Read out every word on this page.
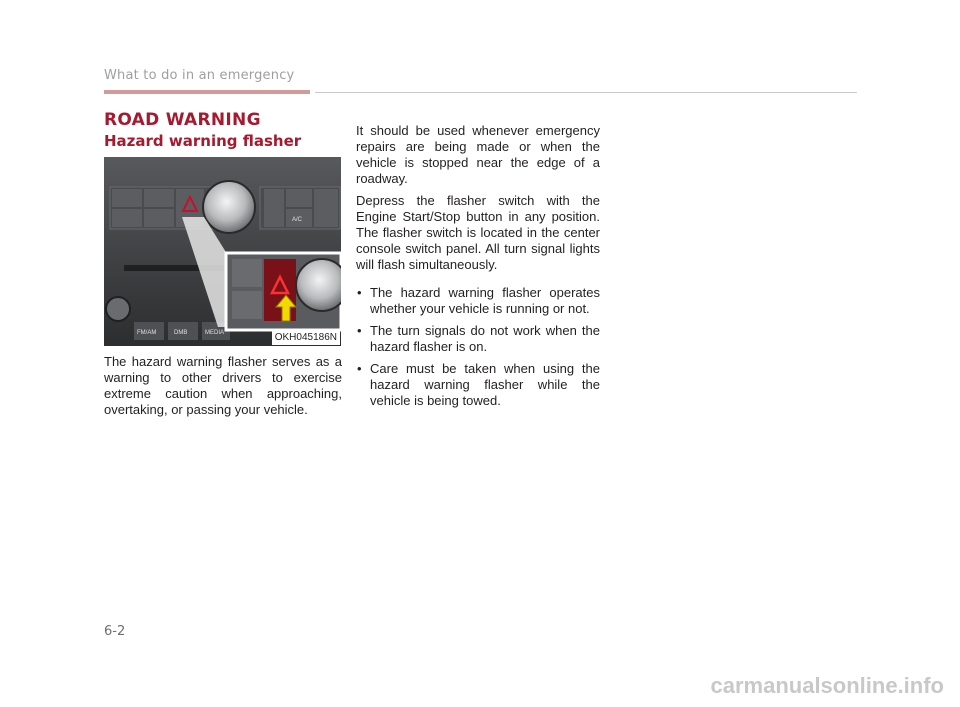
What to do in an emergency
ROAD WARNING
Hazard warning flasher
A/C
FM/AM	DMB	MEDIA	OKH045186N
The hazard warning flasher serves as a warning to other drivers to exercise extreme caution when approaching, overtaking, or passing your vehicle.

It should be used whenever emergency repairs are being made or when the vehicle is stopped near the edge of a roadway.

Depress the flasher switch with the Engine Start/Stop button in any position. The flasher switch is located in the center console switch panel. All turn signal lights will flash simultaneously.

• The hazard warning flasher operates whether your vehicle is running or not.
• The turn signals do not work when the hazard flasher is on.
• Care must be taken when using the hazard warning flasher while the vehicle is being towed.
6-2
carmanualsonline.info
